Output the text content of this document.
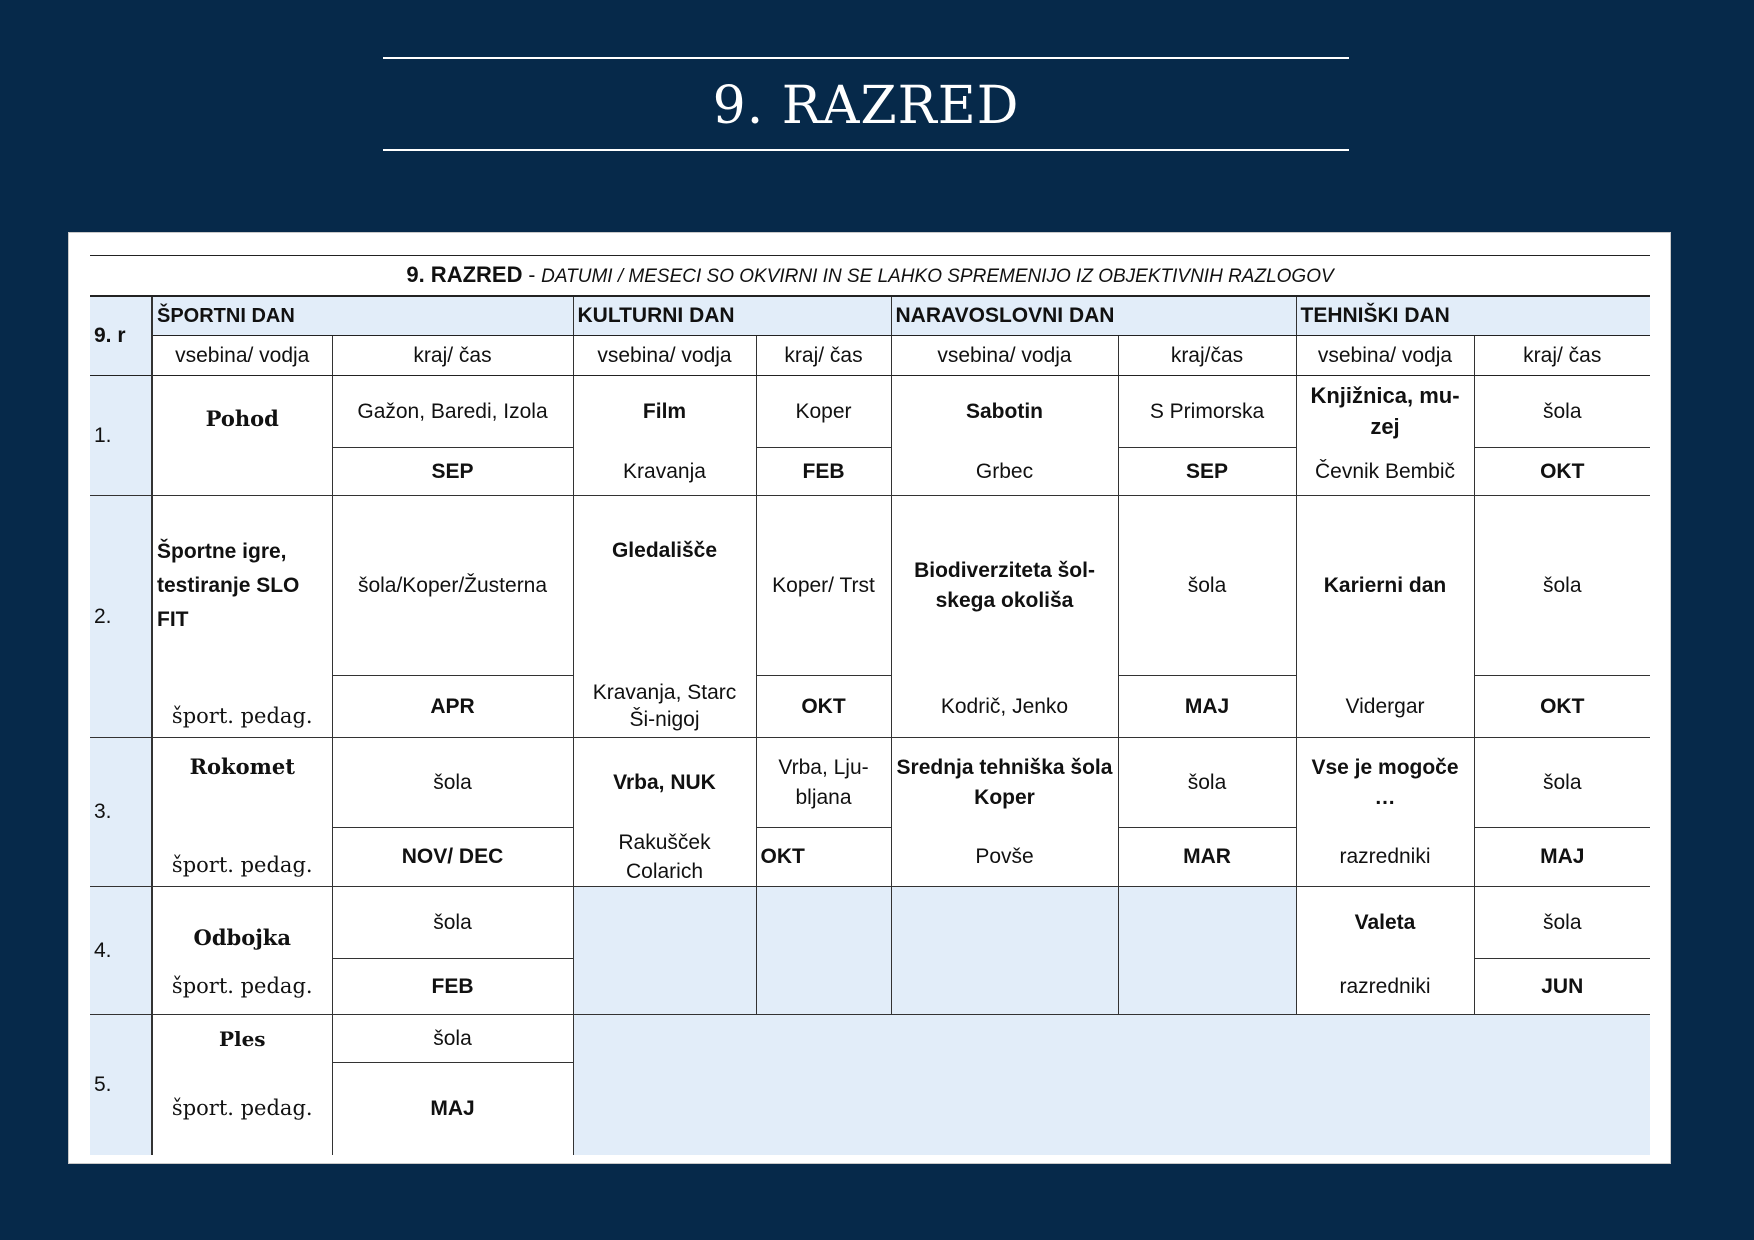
9. RAZRED
9. RAZRED - DATUMI / MESECI SO OKVIRNI IN SE LAHKO SPREMENIJO IZ OBJEKTIVNIH RAZLOGOV								
9. r	ŠPORTNI DAN		KULTURNI DAN		NARAVOSLOVNI DAN		TEHNIŠKI DAN	
	vsebina/ vodja	kraj/ čas	vsebina/ vodja	kraj/ čas	vsebina/ vodja	kraj/čas	vsebina/ vodja	kraj/ čas
1.	Pohod	Gažon, Baredi, Izola	Film	Koper	Sabotin	S Primorska	Knjižnica, mu-zej	šola
		SEP	Kravanja	FEB	Grbec	SEP	Čevnik Bembič	OKT
2.	Športne igre, testiranje SLO FIT	šola/Koper/Žusterna	Gledališče	Koper/ Trst	Biodiverziteta šol-skega okoliša	šola	Karierni dan	šola
	šport. pedag.	APR	Kravanja, Starc Ši-nigoj	OKT	Kodrič, Jenko	MAJ	Vidergar	OKT
3.	Rokomet	šola	Vrba, NUK	Vrba, Lju-bljana	Srednja tehniška šola Koper	šola	Vse je mogoče …	šola
	šport. pedag.	NOV/ DEC	Rakušček Colarich	OKT	Povše	MAR	razredniki	MAJ
4.	Odbojka	šola					Valeta	šola
	šport. pedag.	FEB					razredniki	JUN
5.	Ples	šola						
	šport. pedag.	MAJ						
